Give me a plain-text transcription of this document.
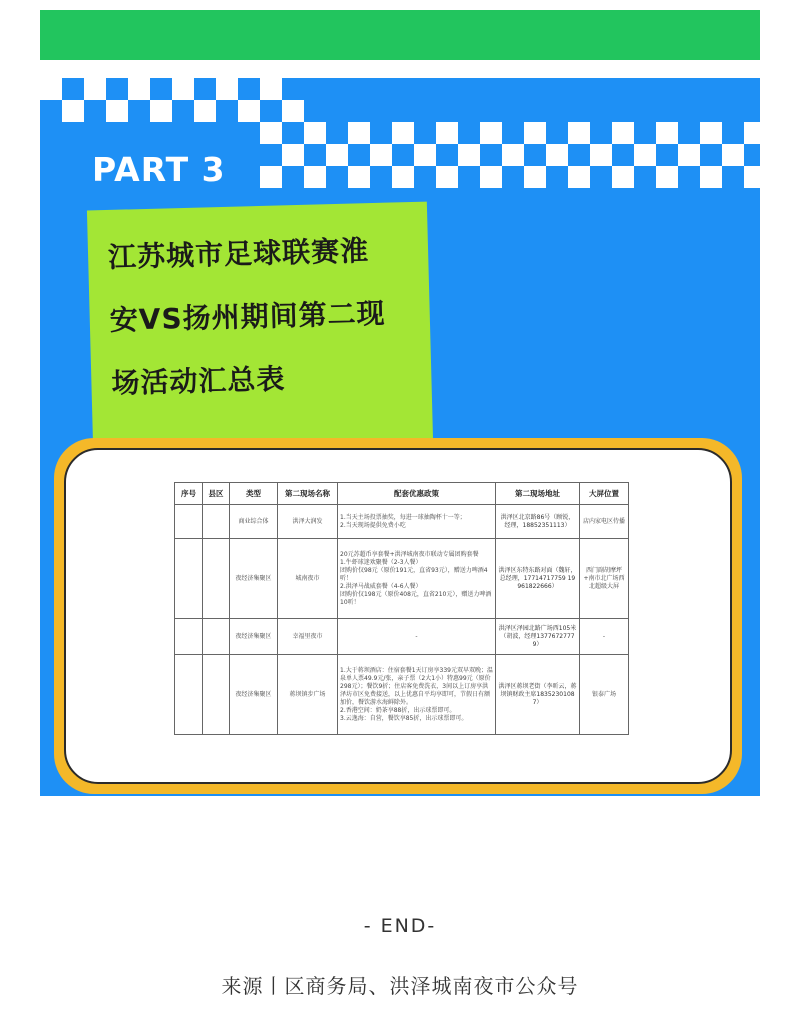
PART 3
江苏城市足球联赛淮
安VS扬州期间第二现
场活动汇总表
序号	县区	类型	第二现场名称	配套优惠政策	第二现场地址	大屏位置
		商业综合体	洪泽大润发	1.当天主场投票抽奖，每进一球抽陶杯十一等；
2.当天现场提供免费小吃	洪泽区北京路86号（顾锐，经理，18852351113）	店内家电区侍播
		夜经济集聚区	城南夜市	20元苏超币享套餐+洪泽城南夜市联动专属团购套餐
1.牛虾球迷欢聚餐（2-3人餐）
团购价仅98元（原价191元，直省93元），赠送力啤酒4听！
2.洪泽马战威套餐（4-6人餐）
团购价仅198元（原价408元，直省210元），赠送力啤酒10听！	洪泽区东特东路对面（魏轩，总经理，17714717759 19961822666）	西门副胡摩坪+南市北广场西北超级大屏
		夜经济集聚区	幸福里夜市	-	洪泽区泽园北路广场西105米（胡波，经理13776727779）	-
		夜经济集聚区	蒋坝镇步广场	1.大于蒋坝酒店：住宿套餐1天订房享339元双早双晚；温泉单人票49.9元/张，亲子票（2大1小）特惠99元（原价298元）；餐饮9折；住店客免费洗衣，3间以上订房享洪泽坊市区免费接送，以上优惠自平均享即可，节假日有额加价，餐饮游水海鲜除外。
2.香港空间：奶茶享88折，出示球票即可。
3.云逸海：自营，餐饮享85折，出示球票即可。	洪泽区蒋坝老街（李昕云，蒋坝镇财政主席18352301087）	银泰广场
- END-
来源丨区商务局、洪泽城南夜市公众号
